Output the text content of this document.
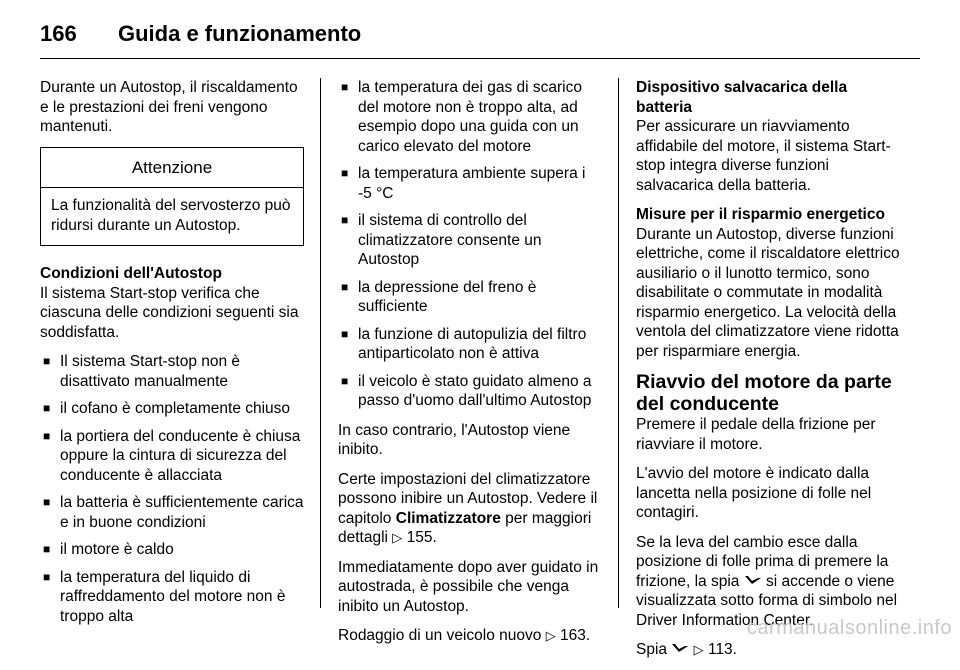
166	Guida e funzionamento

Durante un Autostop, il riscaldamento e le prestazioni dei freni vengono mantenuti.

Attenzione
La funzionalità del servosterzo può ridursi durante un Autostop.

Condizioni dell'Autostop

Il sistema Start-stop verifica che ciascuna delle condizioni seguenti sia soddisfatta.

■ Il sistema Start-stop non è disattivato manualmente
■ il cofano è completamente chiuso
■ la portiera del conducente è chiusa oppure la cintura di sicurezza del conducente è allacciata
■ la batteria è sufficientemente carica e in buone condizioni
■ il motore è caldo
■ la temperatura del liquido di raffreddamento del motore non è troppo alta
■ la temperatura dei gas di scarico del motore non è troppo alta, ad esempio dopo una guida con un carico elevato del motore
■ la temperatura ambiente supera i -5 °C
■ il sistema di controllo del climatizzatore consente un Autostop
■ la depressione del freno è sufficiente
■ la funzione di autopulizia del filtro antiparticolato non è attiva
■ il veicolo è stato guidato almeno a passo d'uomo dall'ultimo Autostop

In caso contrario, l'Autostop viene inibito.

Certe impostazioni del climatizzatore possono inibire un Autostop. Vedere il capitolo Climatizzatore per maggiori dettagli ▷ 155.

Immediatamente dopo aver guidato in autostrada, è possibile che venga inibito un Autostop.

Rodaggio di un veicolo nuovo ▷ 163.

Dispositivo salvacarica della batteria

Per assicurare un riavviamento affidabile del motore, il sistema Start-stop integra diverse funzioni salvacarica della batteria.

Misure per il risparmio energetico

Durante un Autostop, diverse funzioni elettriche, come il riscaldatore elettrico ausiliario o il lunotto termico, sono disabilitate o commutate in modalità risparmio energetico. La velocità della ventola del climatizzatore viene ridotta per risparmiare energia.

Riavvio del motore da parte del conducente

Premere il pedale della frizione per riavviare il motore.

L'avvio del motore è indicato dalla lancetta nella posizione di folle nel contagiri.

Se la leva del cambio esce dalla posizione di folle prima di premere la frizione, la spia si accende o viene visualizzata sotto forma di simbolo nel Driver Information Center.

Spia ▷ 113.

carmanualsonline.info
